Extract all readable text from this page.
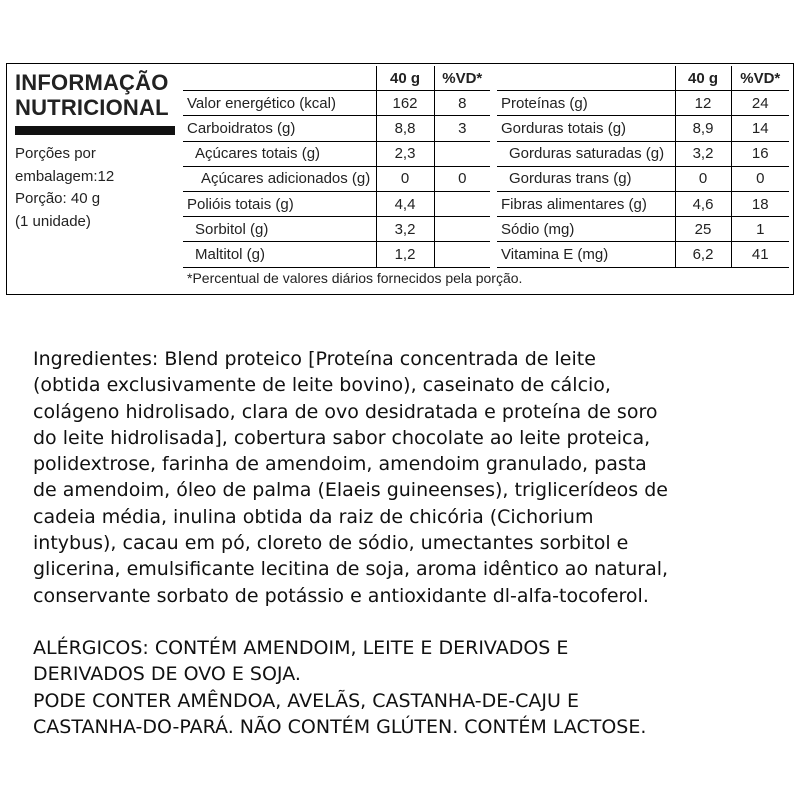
INFORMAÇÃO
NUTRICIONAL
Porções por
embalagem:12
Porção: 40 g
(1 unidade)
	40 g	%VD*
Valor energético (kcal)	162	8
Carboidratos (g)	8,8	3
Açúcares totais (g)	2,3	
Açúcares adicionados (g)	0	0
Polióis totais (g)	4,4	
Sorbitol (g)	3,2	
Maltitol (g)	1,2	
	40 g	%VD*
Proteínas (g)	12	24
Gorduras totais (g)	8,9	14
Gorduras saturadas (g)	3,2	16
Gorduras trans (g)	0	0
Fibras alimentares (g)	4,6	18
Sódio (mg)	25	1
Vitamina E (mg)	6,2	41
*Percentual de valores diários fornecidos pela porção.
Ingredientes: Blend proteico [Proteína concentrada de leite
(obtida exclusivamente de leite bovino), caseinato de cálcio,
colágeno hidrolisado, clara de ovo desidratada e proteína de soro
do leite hidrolisada], cobertura sabor chocolate ao leite proteica,
polidextrose, farinha de amendoim, amendoim granulado, pasta
de amendoim, óleo de palma (Elaeis guineenses), triglicerídeos de
cadeia média, inulina obtida da raiz de chicória (Cichorium
intybus), cacau em pó, cloreto de sódio, umectantes sorbitol e
glicerina, emulsificante lecitina de soja, aroma idêntico ao natural,
conservante sorbato de potássio e antioxidante dl-alfa-tocoferol.
ALÉRGICOS: CONTÉM AMENDOIM, LEITE E DERIVADOS E
DERIVADOS DE OVO E SOJA.
PODE CONTER AMÊNDOA, AVELÃS, CASTANHA-DE-CAJU E
CASTANHA-DO-PARÁ. NÃO CONTÉM GLÚTEN. CONTÉM LACTOSE.
